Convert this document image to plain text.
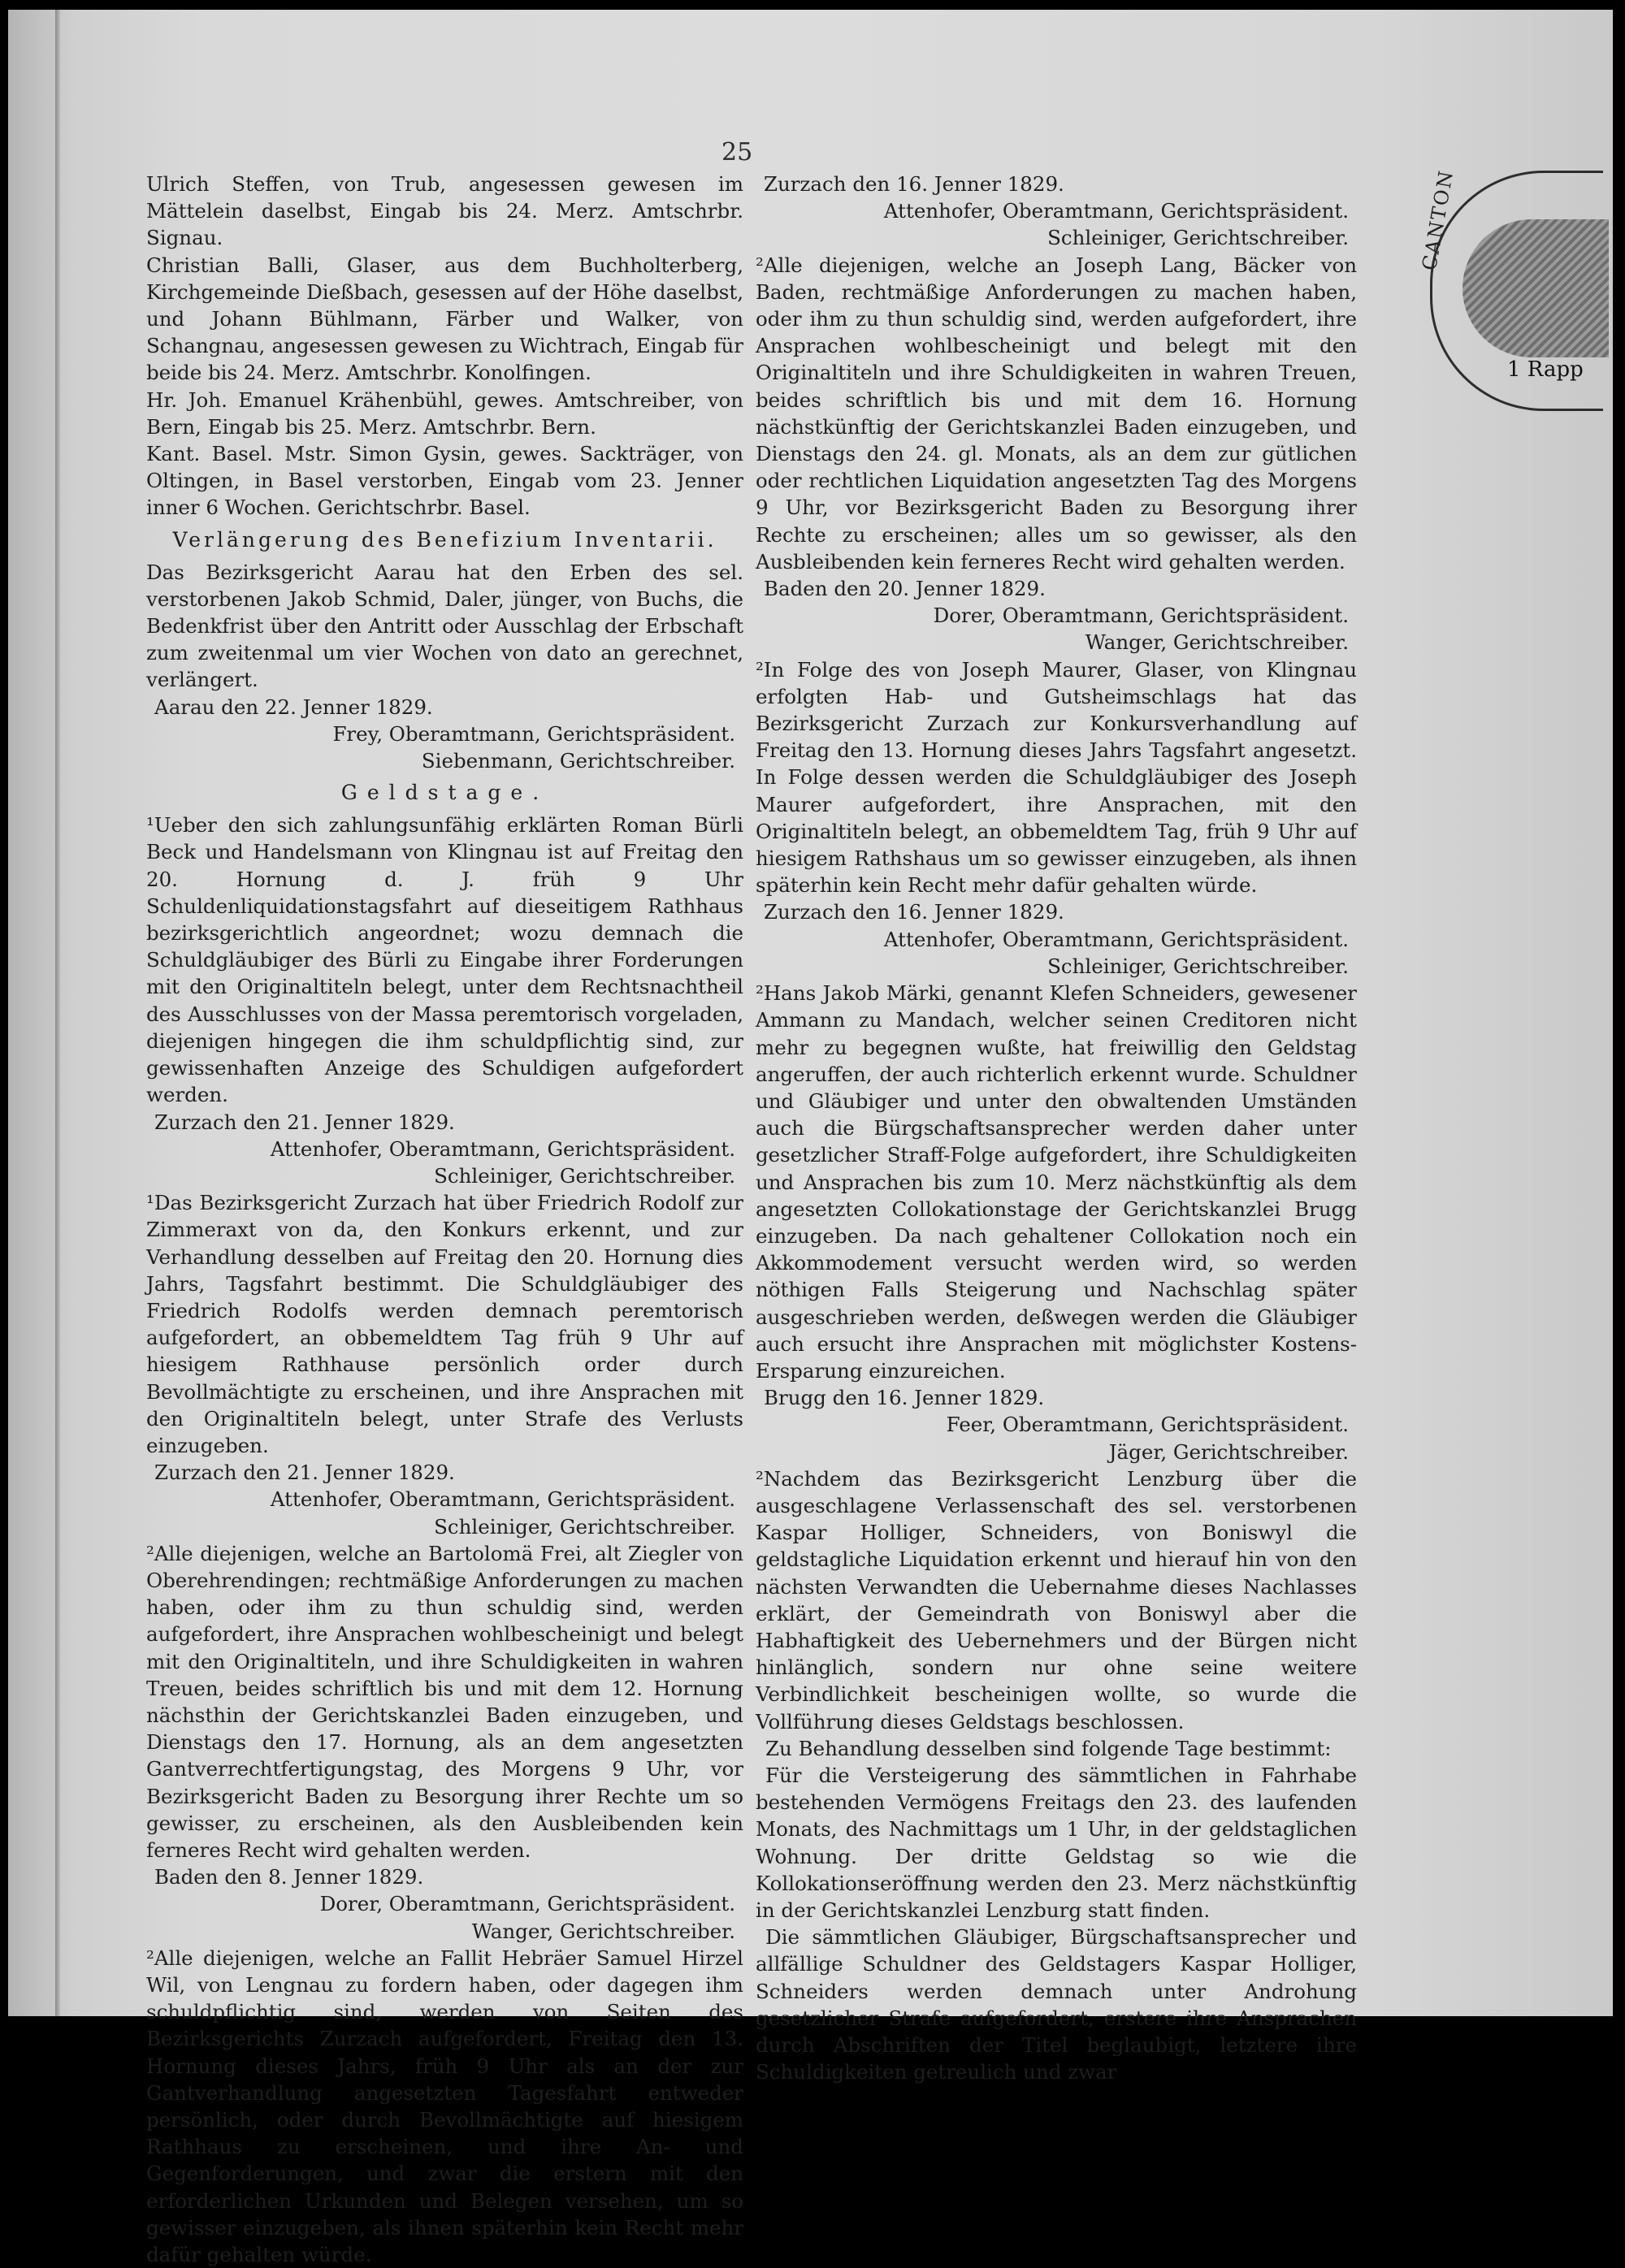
25

Ulrich Steffen, von Trub, angesessen gewesen im Mättelein daselbst, Eingab bis 24. Merz. Amtschrbr. Signau.

Christian Balli, Glaser, aus dem Buchholterberg, Kirchgemeinde Dießbach, gesessen auf der Höhe daselbst, und Johann Bühlmann, Färber und Walker, von Schangnau, angesessen gewesen zu Wichtrach, Eingab für beide bis 24. Merz. Amtschrbr. Konolfingen.

Hr. Joh. Emanuel Krähenbühl, gewes. Amtschreiber, von Bern, Eingab bis 25. Merz. Amtschrbr. Bern.

Kant. Basel. Mstr. Simon Gysin, gewes. Sackträger, von Oltingen, in Basel verstorben, Eingab vom 23. Jenner inner 6 Wochen. Gerichtschrbr. Basel.

Verlängerung des Benefizium Inventarii.

Das Bezirksgericht Aarau hat den Erben des sel. verstorbenen Jakob Schmid, Daler, jünger, von Buchs, die Bedenkfrist über den Antritt oder Ausschlag der Erbschaft zum zweitenmal um vier Wochen von dato an gerechnet, verlängert.

Aarau den 22. Jenner 1829.

Frey, Oberamtmann, Gerichtspräsident.

Siebenmann, Gerichtschreiber.

Geldstage.

¹Ueber den sich zahlungsunfähig erklärten Roman Bürli Beck und Handelsmann von Klingnau ist auf Freitag den 20. Hornung d. J. früh 9 Uhr Schuldenliquidationstagsfahrt auf dieseitigem Rathhaus bezirksgerichtlich angeordnet; wozu demnach die Schuldgläubiger des Bürli zu Eingabe ihrer Forderungen mit den Originaltiteln belegt, unter dem Rechtsnachtheil des Ausschlusses von der Massa peremtorisch vorgeladen, diejenigen hingegen die ihm schuldpflichtig sind, zur gewissenhaften Anzeige des Schuldigen aufgefordert werden.

Zurzach den 21. Jenner 1829.

Attenhofer, Oberamtmann, Gerichtspräsident.

Schleiniger, Gerichtschreiber.

¹Das Bezirksgericht Zurzach hat über Friedrich Rodolf zur Zimmeraxt von da, den Konkurs erkennt, und zur Verhandlung desselben auf Freitag den 20. Hornung dies Jahrs, Tagsfahrt bestimmt. Die Schuldgläubiger des Friedrich Rodolfs werden demnach peremtorisch aufgefordert, an obbemeldtem Tag früh 9 Uhr auf hiesigem Rathhause persönlich order durch Bevollmächtigte zu erscheinen, und ihre Ansprachen mit den Originaltiteln belegt, unter Strafe des Verlusts einzugeben.

Zurzach den 21. Jenner 1829.

Attenhofer, Oberamtmann, Gerichtspräsident.

Schleiniger, Gerichtschreiber.

²Alle diejenigen, welche an Bartolomä Frei, alt Ziegler von Oberehrendingen; rechtmäßige Anforderungen zu machen haben, oder ihm zu thun schuldig sind, werden aufgefordert, ihre Ansprachen wohlbescheinigt und belegt mit den Originaltiteln, und ihre Schuldigkeiten in wahren Treuen, beides schriftlich bis und mit dem 12. Hornung nächsthin der Gerichtskanzlei Baden einzugeben, und Dienstags den 17. Hornung, als an dem angesetzten Gantverrechtfertigungstag, des Morgens 9 Uhr, vor Bezirksgericht Baden zu Besorgung ihrer Rechte um so gewisser, zu erscheinen, als den Ausbleibenden kein ferneres Recht wird gehalten werden.

Baden den 8. Jenner 1829.

Dorer, Oberamtmann, Gerichtspräsident.

Wanger, Gerichtschreiber.

²Alle diejenigen, welche an Fallit Hebräer Samuel Hirzel Wil, von Lengnau zu fordern haben, oder dagegen ihm schuldpflichtig sind, werden von Seiten des Bezirksgerichts Zurzach aufgefordert, Freitag den 13. Hornung dieses Jahrs, früh 9 Uhr als an der zur Gantverhandlung angesetzten Tagesfahrt entweder persönlich, oder durch Bevollmächtigte auf hiesigem Rathhaus zu erscheinen, und ihre An- und Gegenforderungen, und zwar die erstern mit den erforderlichen Urkunden und Belegen versehen, um so gewisser einzugeben, als ihnen späterhin kein Recht mehr dafür gehalten würde.

Zurzach den 16. Jenner 1829.

Attenhofer, Oberamtmann, Gerichtspräsident.

Schleiniger, Gerichtschreiber.

²Alle diejenigen, welche an Joseph Lang, Bäcker von Baden, rechtmäßige Anforderungen zu machen haben, oder ihm zu thun schuldig sind, werden aufgefordert, ihre Ansprachen wohlbescheinigt und belegt mit den Originaltiteln und ihre Schuldigkeiten in wahren Treuen, beides schriftlich bis und mit dem 16. Hornung nächstkünftig der Gerichtskanzlei Baden einzugeben, und Dienstags den 24. gl. Monats, als an dem zur gütlichen oder rechtlichen Liquidation angesetzten Tag des Morgens 9 Uhr, vor Bezirksgericht Baden zu Besorgung ihrer Rechte zu erscheinen; alles um so gewisser, als den Ausbleibenden kein ferneres Recht wird gehalten werden.

Baden den 20. Jenner 1829.

Dorer, Oberamtmann, Gerichtspräsident.

Wanger, Gerichtschreiber.

²In Folge des von Joseph Maurer, Glaser, von Klingnau erfolgten Hab- und Gutsheimschlags hat das Bezirksgericht Zurzach zur Konkursverhandlung auf Freitag den 13. Hornung dieses Jahrs Tagsfahrt angesetzt. In Folge dessen werden die Schuldgläubiger des Joseph Maurer aufgefordert, ihre Ansprachen, mit den Originaltiteln belegt, an obbemeldtem Tag, früh 9 Uhr auf hiesigem Rathshaus um so gewisser einzugeben, als ihnen späterhin kein Recht mehr dafür gehalten würde.

Zurzach den 16. Jenner 1829.

Attenhofer, Oberamtmann, Gerichtspräsident.

Schleiniger, Gerichtschreiber.

²Hans Jakob Märki, genannt Klefen Schneiders, gewesener Ammann zu Mandach, welcher seinen Creditoren nicht mehr zu begegnen wußte, hat freiwillig den Geldstag angeruffen, der auch richterlich erkennt wurde. Schuldner und Gläubiger und unter den obwaltenden Umständen auch die Bürgschaftsansprecher werden daher unter gesetzlicher Straff-Folge aufgefordert, ihre Schuldigkeiten und Ansprachen bis zum 10. Merz nächstkünftig als dem angesetzten Collokationstage der Gerichtskanzlei Brugg einzugeben. Da nach gehaltener Collokation noch ein Akkommodement versucht werden wird, so werden nöthigen Falls Steigerung und Nachschlag später ausgeschrieben werden, deßwegen werden die Gläubiger auch ersucht ihre Ansprachen mit möglichster Kostens-Ersparung einzureichen.

Brugg den 16. Jenner 1829.

Feer, Oberamtmann, Gerichtspräsident.

Jäger, Gerichtschreiber.

²Nachdem das Bezirksgericht Lenzburg über die ausgeschlagene Verlassenschaft des sel. verstorbenen Kaspar Holliger, Schneiders, von Boniswyl die geldstagliche Liquidation erkennt und hierauf hin von den nächsten Verwandten die Uebernahme dieses Nachlasses erklärt, der Gemeindrath von Boniswyl aber die Habhaftigkeit des Uebernehmers und der Bürgen nicht hinlänglich, sondern nur ohne seine weitere Verbindlichkeit bescheinigen wollte, so wurde die Vollführung dieses Geldstags beschlossen.

Zu Behandlung desselben sind folgende Tage bestimmt:

Für die Versteigerung des sämmtlichen in Fahrhabe bestehenden Vermögens Freitags den 23. des laufenden Monats, des Nachmittags um 1 Uhr, in der geldstaglichen Wohnung. Der dritte Geldstag so wie die Kollokationseröffnung werden den 23. Merz nächstkünftig in der Gerichtskanzlei Lenzburg statt finden.

Die sämmtlichen Gläubiger, Bürgschaftsansprecher und allfällige Schuldner des Geldstagers Kaspar Holliger, Schneiders werden demnach unter Androhung gesetzlicher Strafe aufgefordert, erstere ihre Ansprachen durch Abschriften der Titel beglaubigt, letztere ihre Schuldigkeiten getreulich und zwar

CANTON
1 Rapp
